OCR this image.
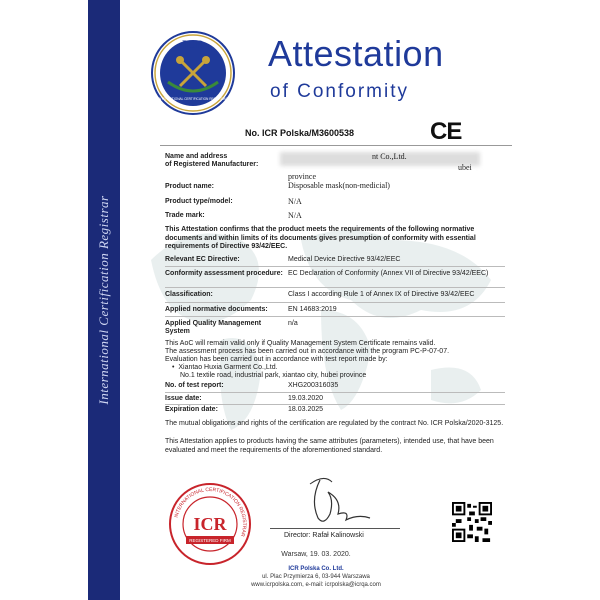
International Certification Registrar
ICR
INTERNATIONAL CERTIFICATION REGISTRAR
Attestation
of Conformity
No. ICR Polska/M3600538	CE
Name and address
of Registered Manufacturer:
nt Co.,Ltd.
ubei
province
Product name:	Disposable mask(non-medicial)
Product type/model:	N/A
Trade mark:	N/A
This Attestation confirms that the product meets the requirements of the following normative documents and within limits of its documents gives presumption of conformity with essential requirements of Directive 93/42/EEC.
Relevant EC Directive:	Medical Device Directive 93/42/EEC
Conformity assessment procedure: EC Declaration of Conformity (Annex VII of Directive 93/42/EEC)
Classification:	Class I according Rule 1 of Annex IX of Directive 93/42/EEC
Applied normative documents:	EN 14683:2019
Applied Quality Management System
n/a
This AoC will remain valid only if Quality Management System Certificate remains valid.
The assessment process has been carried out in accordance with the program PC-P-07-07.
Evaluation has been carried out in accordance with test report made by:
•  Xiantao Huxia Garment Co.,Ltd.
No.1 textile road, industrial park, xiantao city, hubei province
No. of test report:	XHG200316035
Issue date:	19.03.2020
Expiration date:	18.03.2025
The mutual obligations and rights of the certification are regulated by the contract No. ICR Polska/2020-3125.
This Attestation applies to products having the same attributes (parameters), intended use, that have been evaluated and meet the requirements of the aforementioned standard.
INTERNATIONAL CERTIFICATION REGISTRAR
ICR
REGISTERED FIRM
Director: Rafał Kalinowski
Warsaw, 19. 03. 2020.
ICR Polska Co. Ltd.
ul. Plac Przymierza 6, 03-944 Warszawa
www.icrpolska.com, e-mail: icrpolska@icrqa.com
